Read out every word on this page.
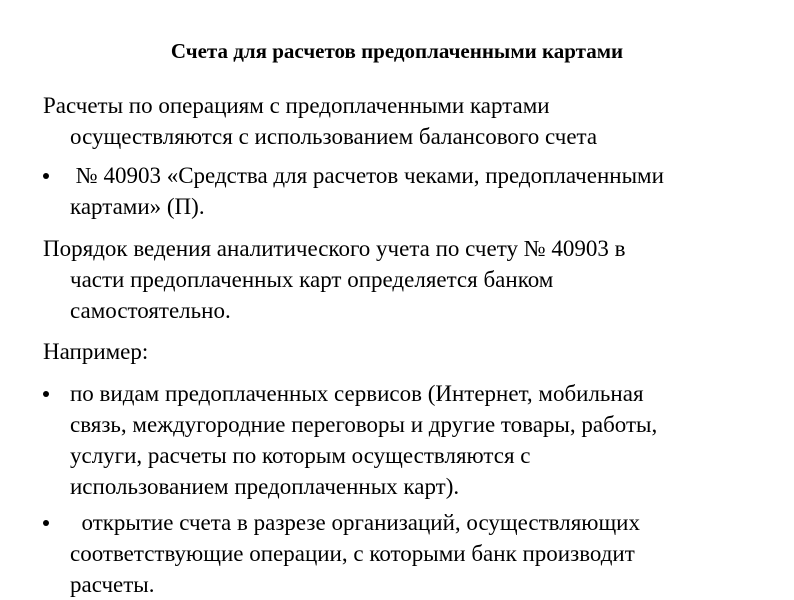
Счета для расчетов предоплаченными картами
Расчеты по операциям с предоплаченными картами
осуществляются с использованием балансового счета
№ 40903 «Средства для расчетов чеками, предоплаченными
картами» (П).
Порядок ведения аналитического учета по счету № 40903 в
части предоплаченных карт определяется банком
самостоятельно.
Например:
по видам предоплаченных сервисов (Интернет, мобильная
связь, междугородние переговоры и другие товары, работы,
услуги, расчеты по которым осуществляются с
использованием предоплаченных карт).
открытие счета в разрезе организаций, осуществляющих
соответствующие операции, с которыми банк производит
расчеты.
